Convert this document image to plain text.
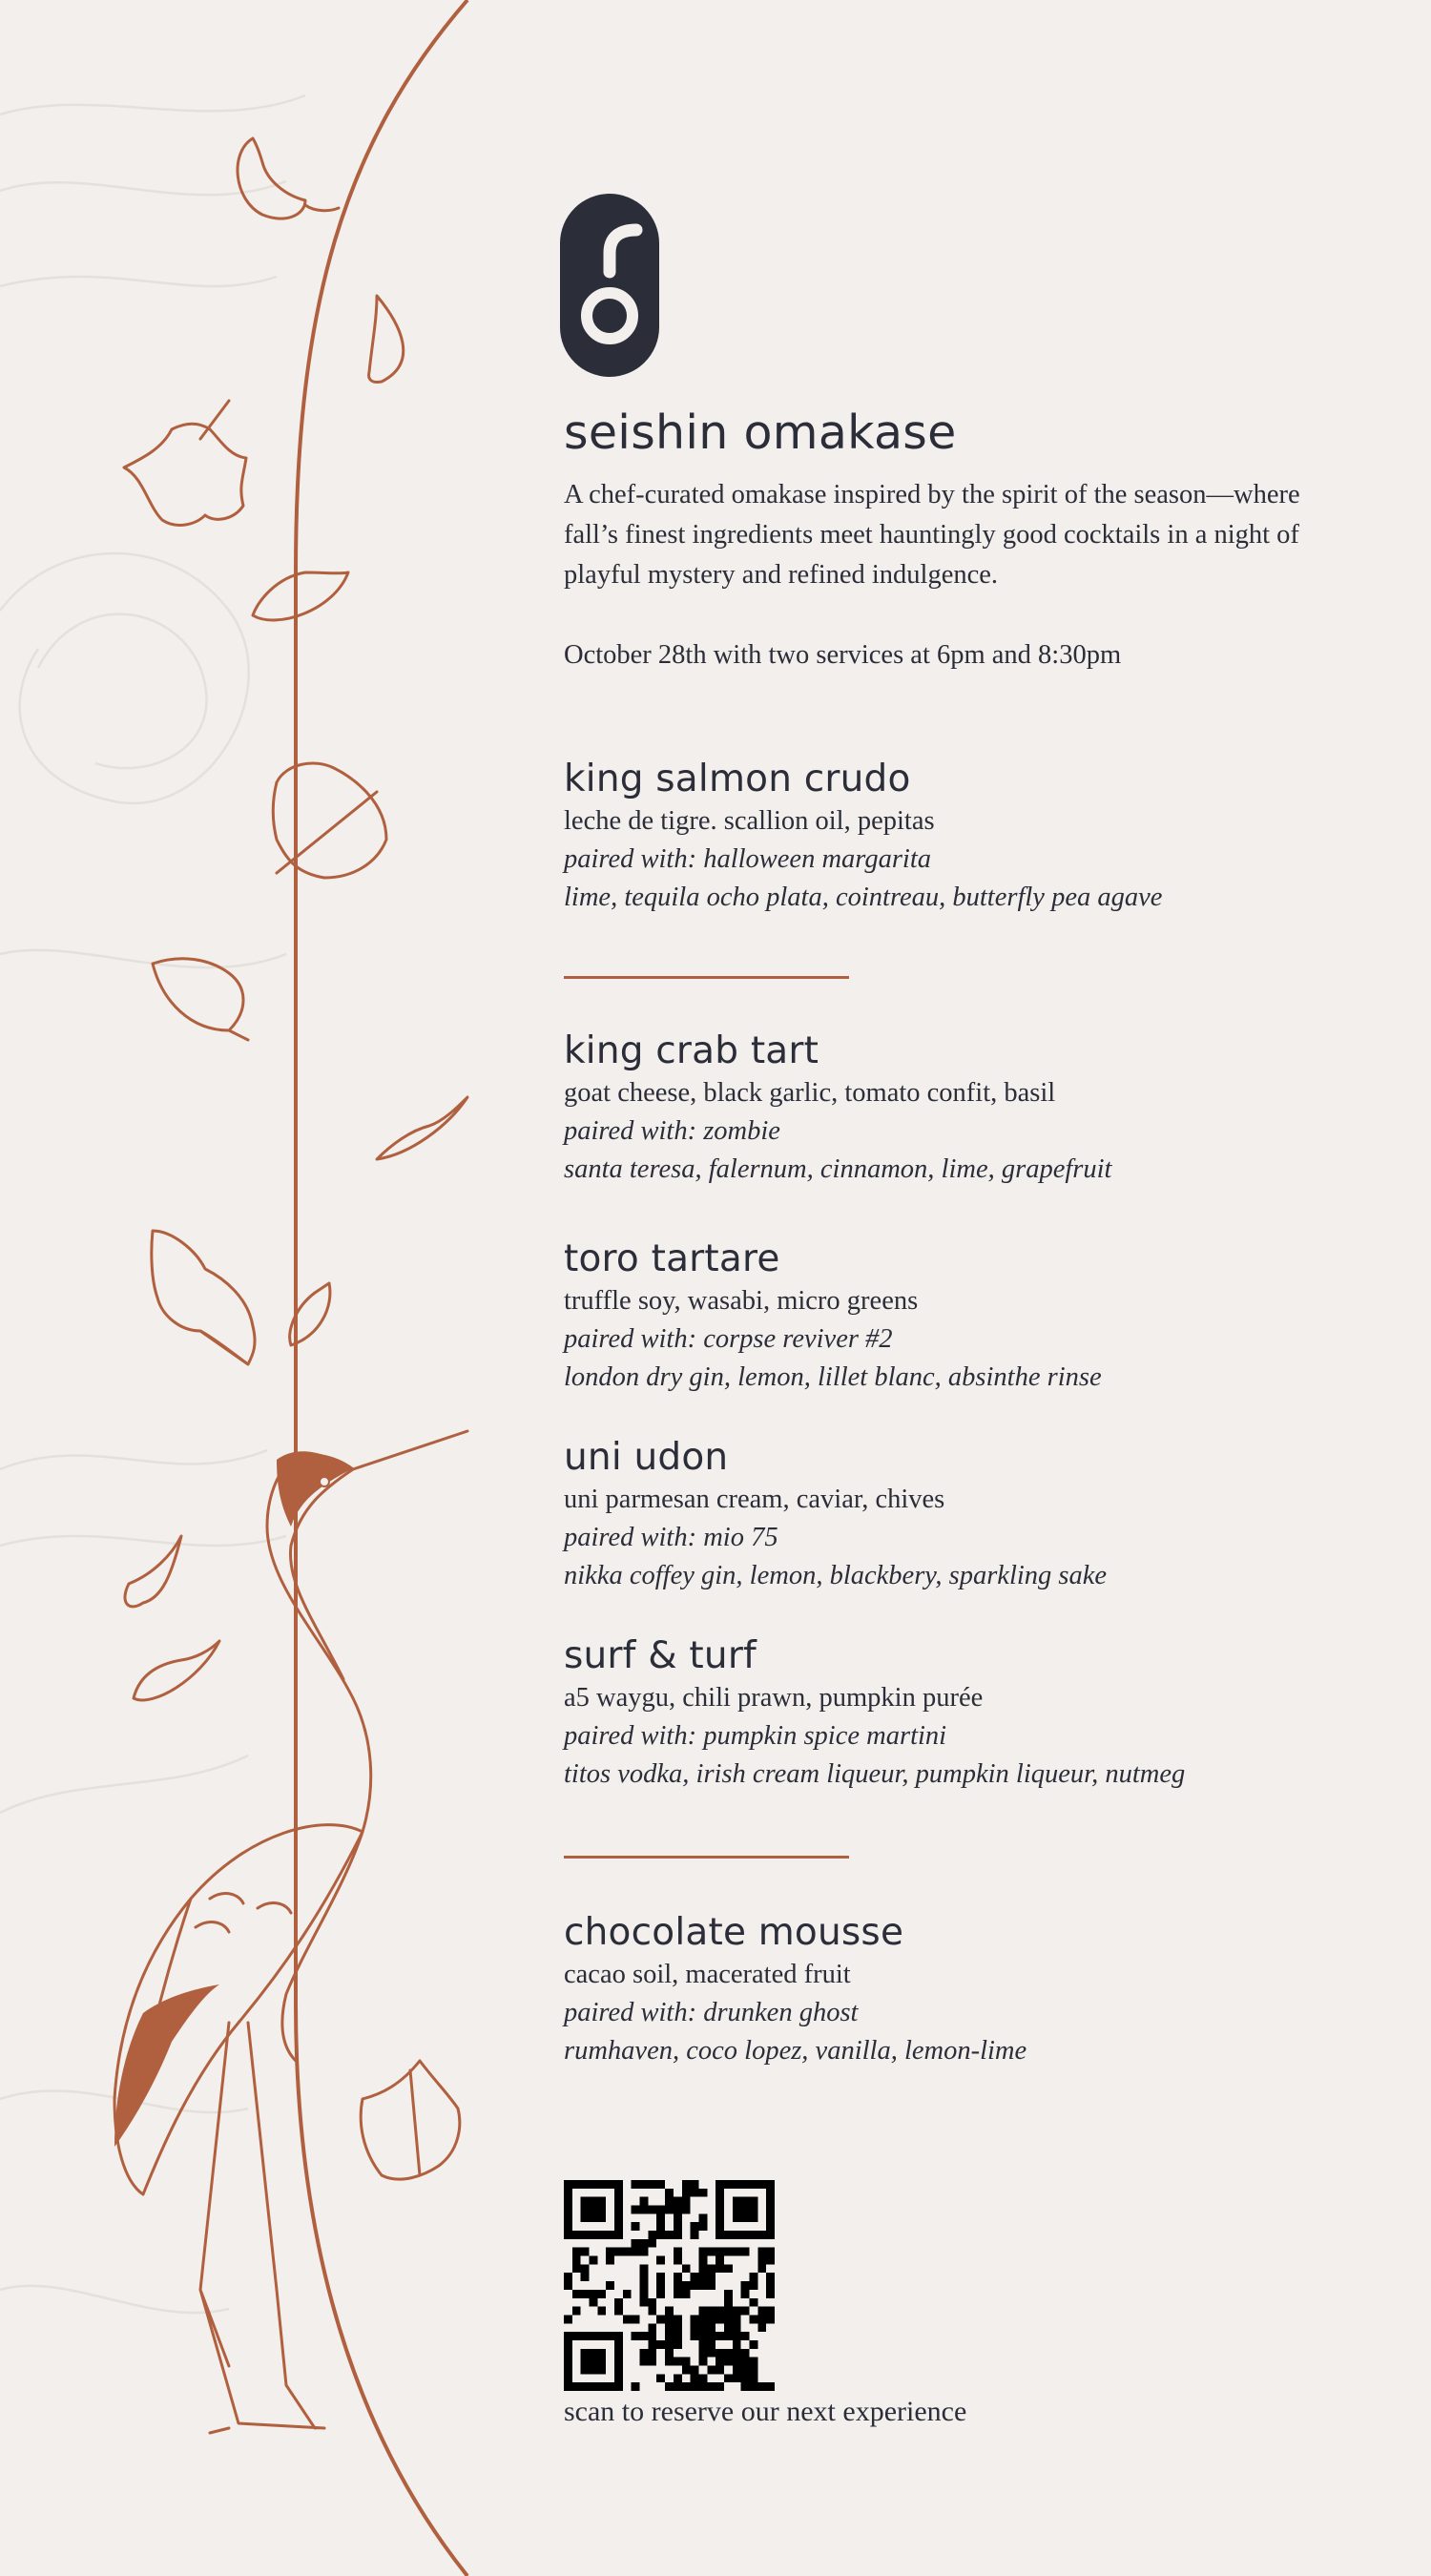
seishin omakase

A chef-curated omakase inspired by the spirit of the season—where fall’s finest ingredients meet hauntingly good cocktails in a night of playful mystery and refined indulgence.

October 28th with two services at 6pm and 8:30pm

king salmon crudo

leche de tigre. scallion oil, pepitas

paired with: halloween margarita

lime, tequila ocho plata, cointreau, butterfly pea agave

king crab tart

goat cheese, black garlic, tomato confit, basil

paired with: zombie

santa teresa, falernum, cinnamon, lime, grapefruit

toro tartare

truffle soy, wasabi, micro greens

paired with: corpse reviver #2

london dry gin, lemon, lillet blanc, absinthe rinse

uni udon

uni parmesan cream, caviar, chives

paired with: mio 75

nikka coffey gin, lemon, blackbery, sparkling sake

surf & turf

a5 waygu, chili prawn, pumpkin purée

paired with: pumpkin spice martini

titos vodka, irish cream liqueur, pumpkin liqueur, nutmeg

chocolate mousse

cacao soil, macerated fruit

paired with: drunken ghost

rumhaven, coco lopez, vanilla, lemon-lime

scan to reserve our next experience
